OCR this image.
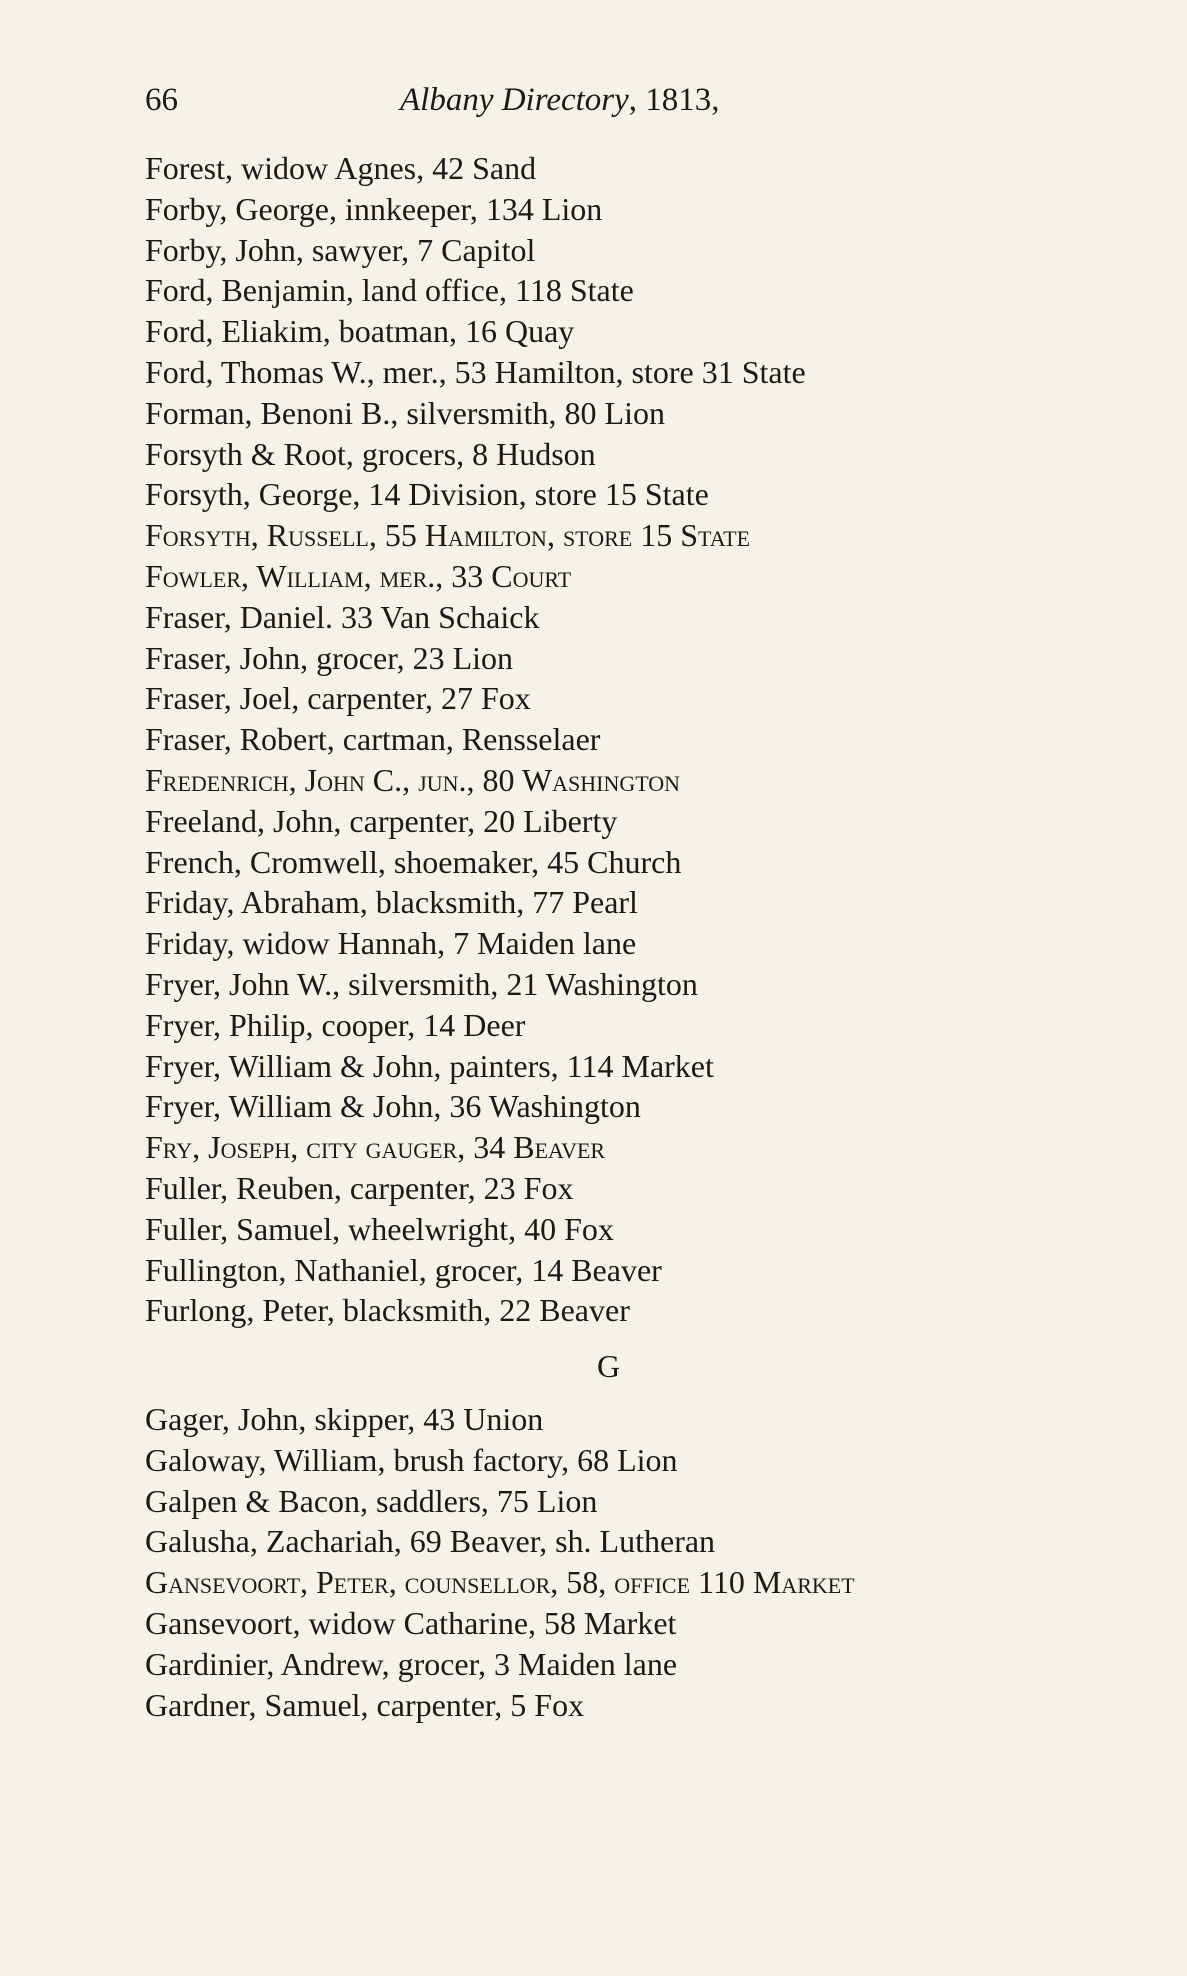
66	Albany Directory, 1813,
Forest, widow Agnes, 42 Sand
Forby, George, innkeeper, 134 Lion
Forby, John, sawyer, 7 Capitol
Ford, Benjamin, land office, 118 State
Ford, Eliakim, boatman, 16 Quay
Ford, Thomas W., mer., 53 Hamilton, store 31 State
Forman, Benoni B., silversmith, 80 Lion
Forsyth & Root, grocers, 8 Hudson
Forsyth, George, 14 Division, store 15 State
Forsyth, Russell, 55 Hamilton, store 15 State
Fowler, William, mer., 33 Court
Fraser, Daniel. 33 Van Schaick
Fraser, John, grocer, 23 Lion
Fraser, Joel, carpenter, 27 Fox
Fraser, Robert, cartman, Rensselaer
Fredenrich, John C., jun., 80 Washington
Freeland, John, carpenter, 20 Liberty
French, Cromwell, shoemaker, 45 Church
Friday, Abraham, blacksmith, 77 Pearl
Friday, widow Hannah, 7 Maiden lane
Fryer, John W., silversmith, 21 Washington
Fryer, Philip, cooper, 14 Deer
Fryer, William & John, painters, 114 Market
Fryer, William & John, 36 Washington
Fry, Joseph, city gauger, 34 Beaver
Fuller, Reuben, carpenter, 23 Fox
Fuller, Samuel, wheelwright, 40 Fox
Fullington, Nathaniel, grocer, 14 Beaver
Furlong, Peter, blacksmith, 22 Beaver
G
Gager, John, skipper, 43 Union
Galoway, William, brush factory, 68 Lion
Galpen & Bacon, saddlers, 75 Lion
Galusha, Zachariah, 69 Beaver, sh. Lutheran
Gansevoort, Peter, counsellor, 58, office 110 Market
Gansevoort, widow Catharine, 58 Market
Gardinier, Andrew, grocer, 3 Maiden lane
Gardner, Samuel, carpenter, 5 Fox
